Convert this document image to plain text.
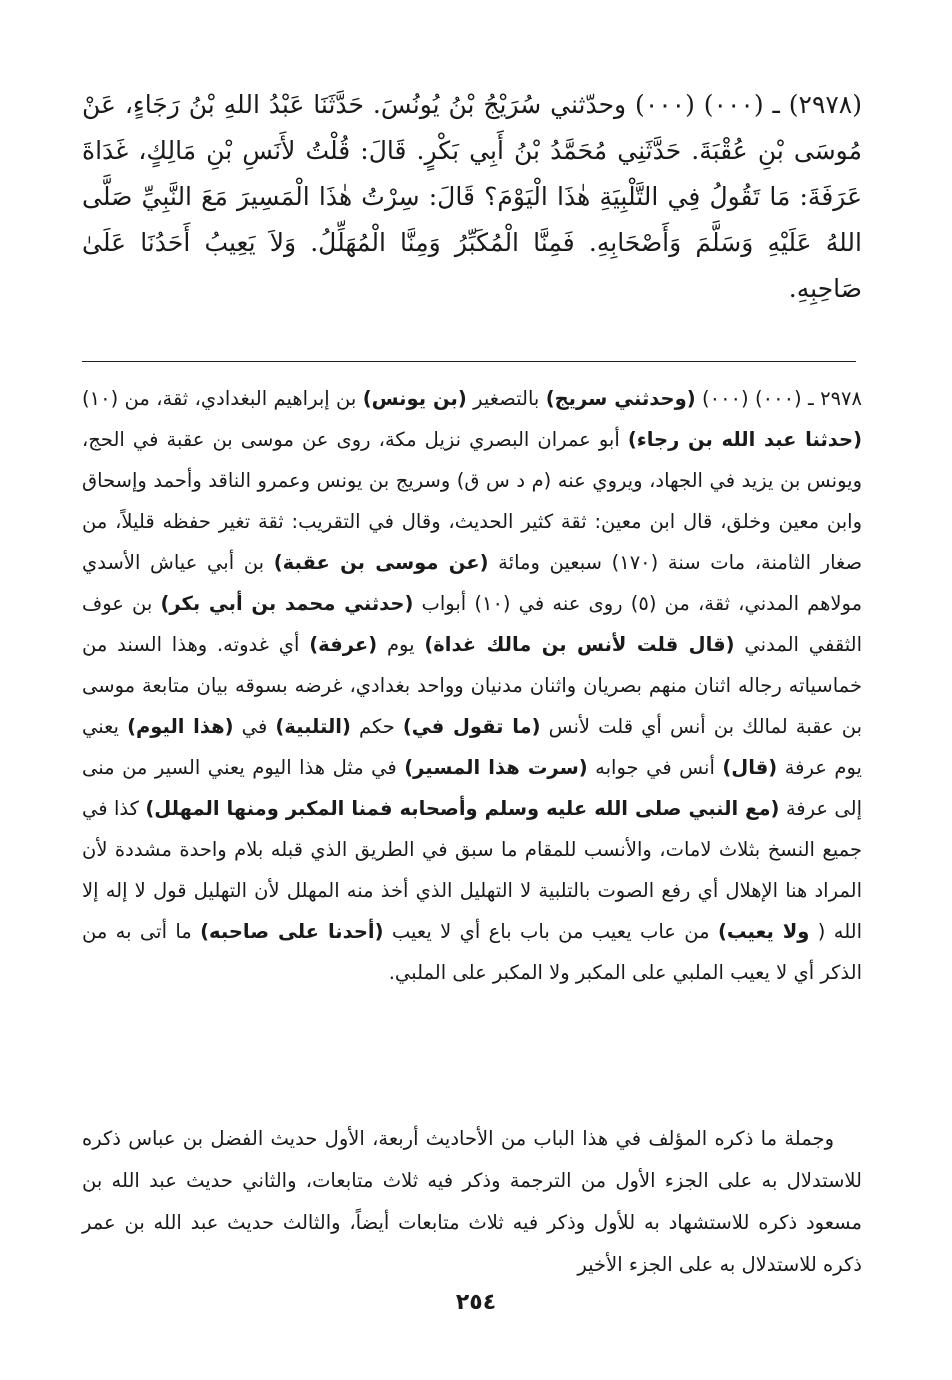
(٢٩٧٨) ـ (٠٠٠) (٠٠٠) وحدّثني سُرَيْجُ بْنُ يُونُسَ. حَدَّثَنَا عَبْدُ اللهِ بْنُ رَجَاءٍ، عَنْ مُوسَى بْنِ عُقْبَةَ. حَدَّثَنِي مُحَمَّدُ بْنُ أَبِي بَكْرٍ. قَالَ: قُلْتُ لأَنَسِ بْنِ مَالِكٍ، غَدَاةَ عَرَفَةَ: مَا تَقُولُ فِي التَّلْبِيَةِ هٰذَا الْيَوْمَ؟ قَالَ: سِرْتُ هٰذَا الْمَسِيرَ مَعَ النَّبِيِّ صَلَّى اللهُ عَلَيْهِ وَسَلَّمَ وَأَصْحَابِهِ. فَمِنَّا الْمُكَبِّرُ وَمِنَّا الْمُهَلِّلُ. وَلاَ يَعِيبُ أَحَدُنَا عَلَىٰ صَاحِبِهِ.

٢٩٧٨ ـ (٠٠٠) (٠٠٠) (وحدثني سريج) بالتصغير (بن يونس) بن إبراهيم البغدادي، ثقة، من (١٠) (حدثنا عبد الله بن رجاء) أبو عمران البصري نزيل مكة، روى عن موسى بن عقبة في الحج، ويونس بن يزيد في الجهاد، ويروي عنه (م د س ق) وسريج بن يونس وعمرو الناقد وأحمد وإسحاق وابن معين وخلق، قال ابن معين: ثقة كثير الحديث، وقال في التقريب: ثقة تغير حفظه قليلاً، من صغار الثامنة، مات سنة (١٧٠) سبعين ومائة (عن موسى بن عقبة) بن أبي عياش الأسدي مولاهم المدني، ثقة، من (٥) روى عنه في (١٠) أبواب (حدثني محمد بن أبي بكر) بن عوف الثقفي المدني (قال قلت لأنس بن مالك غداة) يوم (عرفة) أي غدوته. وهذا السند من خماسياته رجاله اثنان منهم بصريان واثنان مدنيان وواحد بغدادي، غرضه بسوقه بيان متابعة موسى بن عقبة لمالك بن أنس أي قلت لأنس (ما تقول في) حكم (التلبية) في (هذا اليوم) يعني يوم عرفة (قال) أنس في جوابه (سرت هذا المسير) في مثل هذا اليوم يعني السير من منى إلى عرفة (مع النبي صلى الله عليه وسلم وأصحابه فمنا المكبر ومنها المهلل) كذا في جميع النسخ بثلاث لامات، والأنسب للمقام ما سبق في الطريق الذي قبله بلام واحدة مشددة لأن المراد هنا الإهلال أي رفع الصوت بالتلبية لا التهليل الذي أخذ منه المهلل لأن التهليل قول لا إله إلا الله ( ولا يعيب) من عاب يعيب من باب باع أي لا يعيب (أحدنا على صاحبه) ما أتى به من الذكر أي لا يعيب الملبي على المكبر ولا المكبر على الملبي.

وجملة ما ذكره المؤلف في هذا الباب من الأحاديث أربعة، الأول حديث الفضل بن عباس ذكره للاستدلال به على الجزء الأول من الترجمة وذكر فيه ثلاث متابعات، والثاني حديث عبد الله بن مسعود ذكره للاستشهاد به للأول وذكر فيه ثلاث متابعات أيضاً، والثالث حديث عبد الله بن عمر ذكره للاستدلال به على الجزء الأخير

٢٥٤
